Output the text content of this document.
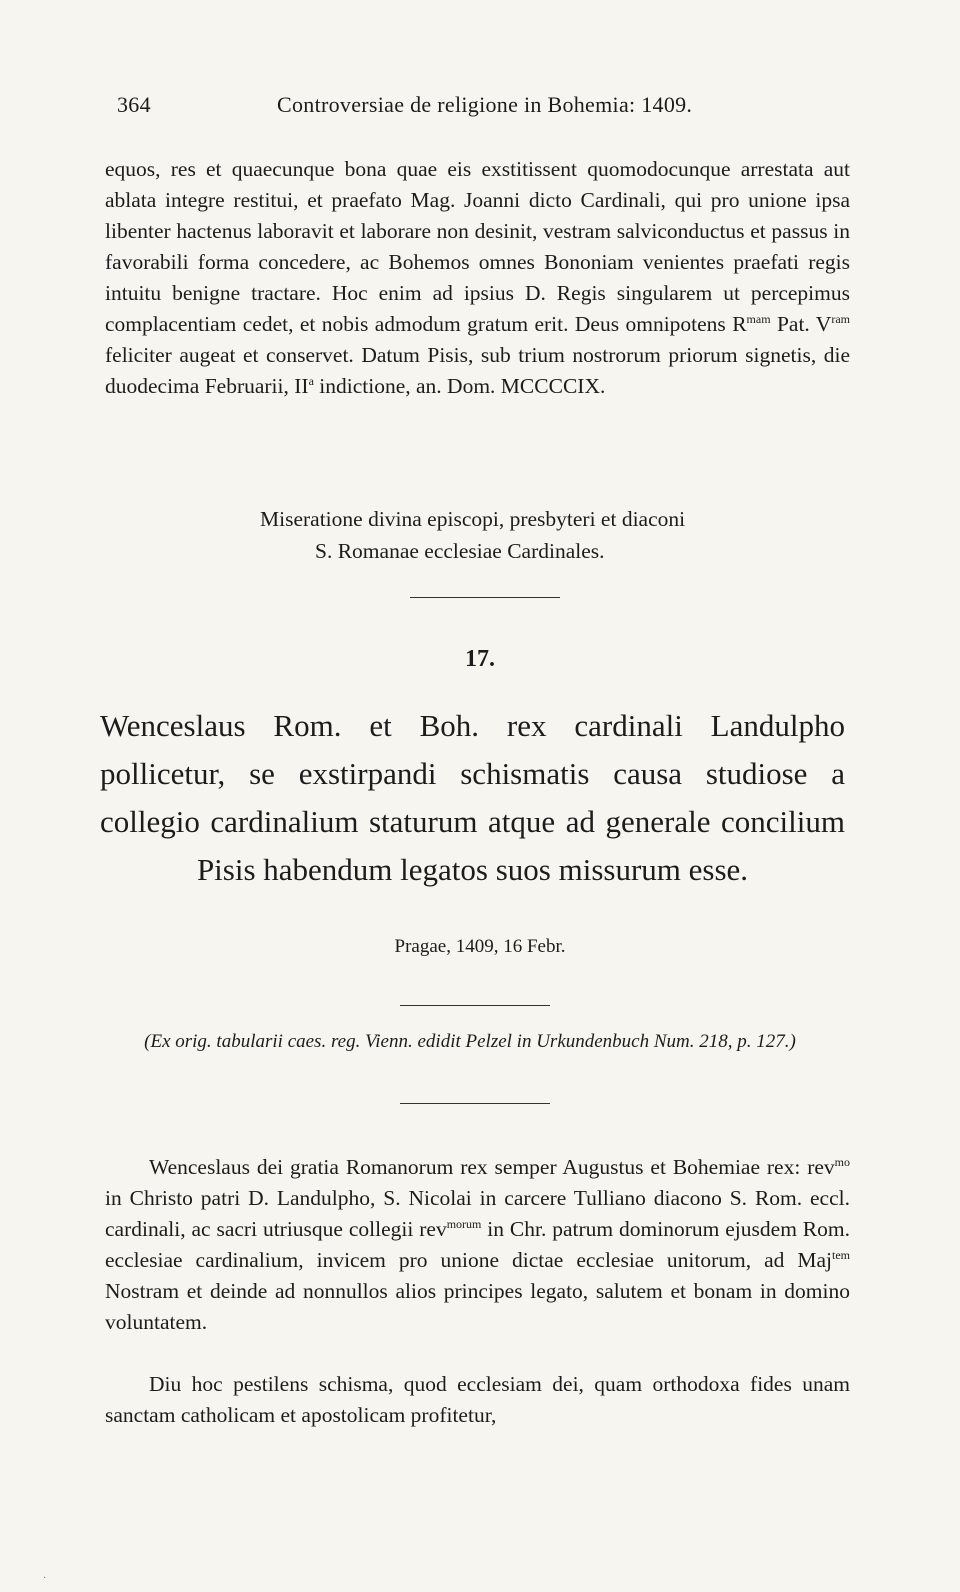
364	Controversiae de religione in Bohemia: 1409.
equos, res et quaecunque bona quae eis exstitissent quomodocunque arrestata aut ablata integre restitui, et praefato Mag. Joanni dicto Cardinali, qui pro unione ipsa libenter hactenus laboravit et laborare non desinit, vestram salviconductus et passus in favorabili forma concedere, ac Bohemos omnes Bononiam venientes praefati regis intuitu benigne tractare. Hoc enim ad ipsius D. Regis singularem ut percepimus complacentiam cedet, et nobis admodum gratum erit. Deus omnipotens $R^{mam}$ Pat. $V^{ram}$ feliciter augeat et conservet. Datum Pisis, sub trium nostrorum priorum signetis, die duodecima Februarii, $II^a$ indictione, an. Dom. MCCCCIX.
Miseratione divina episcopi, presbyteri et diaconi
S. Romanae ecclesiae Cardinales.
17.
Wenceslaus Rom. et Boh. rex cardinali Landulpho pollicetur, se exstirpandi schismatis causa studiose a collegio cardinalium staturum atque ad generale concilium Pisis habendum legatos suos missurum esse.
Pragae, 1409, 16 Febr.
(Ex orig. tabularii caes. reg. Vienn. edidit Pelzel in Urkundenbuch Num. 218, p. 127.)
Wenceslaus dei gratia Romanorum rex semper Augustus et Bohemiae rex: rev$^{mo}$ in Christo patri D. Landulpho, S. Nicolai in carcere Tulliano diacono S. Rom. eccl. cardinali, ac sacri utriusque collegii rev$^{morum}$ in Chr. patrum dominorum ejusdem Rom. ecclesiae cardinalium, invicem pro unione dictae ecclesiae unitorum, ad Maj$^{tem}$ Nostram et deinde ad nonnullos alios principes legato, salutem et bonam in domino voluntatem.
Diu hoc pestilens schisma, quod ecclesiam dei, quam orthodoxa fides unam sanctam catholicam et apostolicam profitetur,
·
